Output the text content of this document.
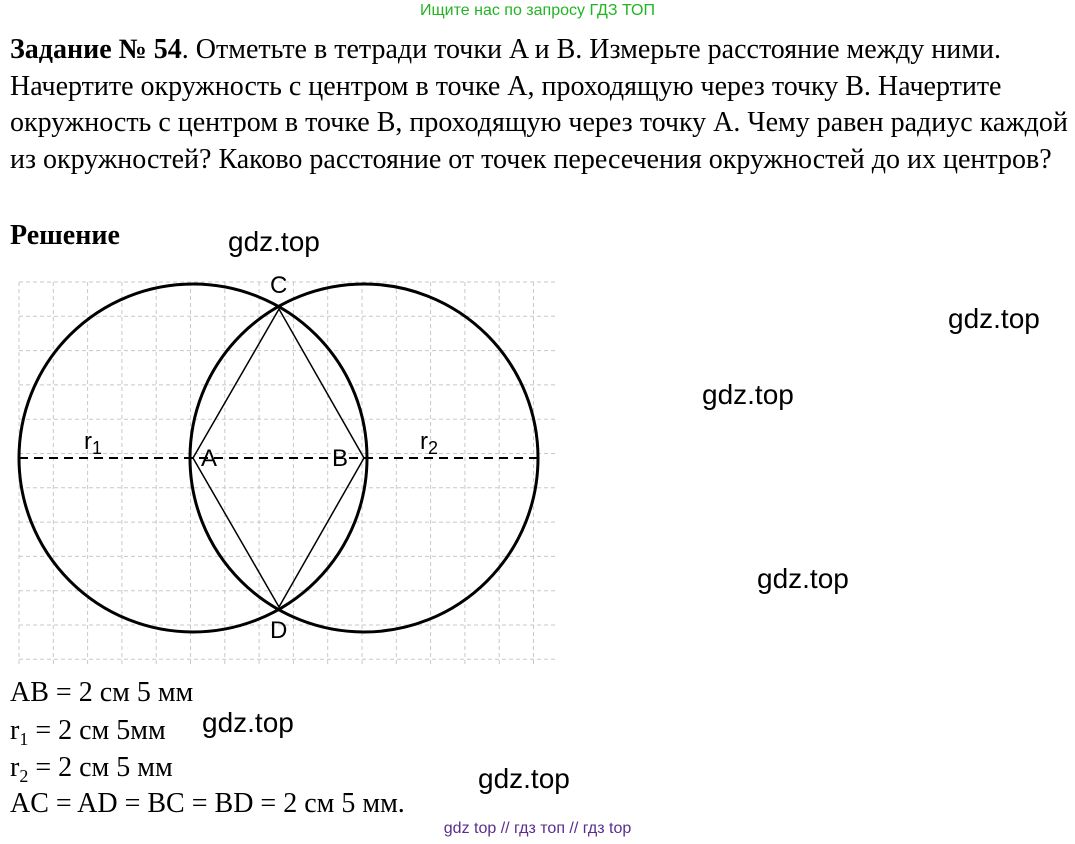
Ищите нас по запросу ГДЗ ТОП
Задание № 54. Отметьте в тетради точки A и B. Измерьте расстояние между ними. Начертите окружность с центром в точке A, проходящую через точку B. Начертите окружность с центром в точке B, проходящую через точку A. Чему равен радиус каждой из окружностей? Каково расстояние от точек пересечения окружностей до их центров?
Решение	gdz.top
gdz.top
gdz.top
gdz.top
gdz.top
gdz.top
C
D
A	B
$r_1$	$r_2$
AB = 2 см 5 мм
$r_1 = 2$ см 5мм
$r_2 = 2$ см 5 мм
AC = AD = BC = BD = 2 см 5 мм.
gdz top // гдз топ // гдз top
